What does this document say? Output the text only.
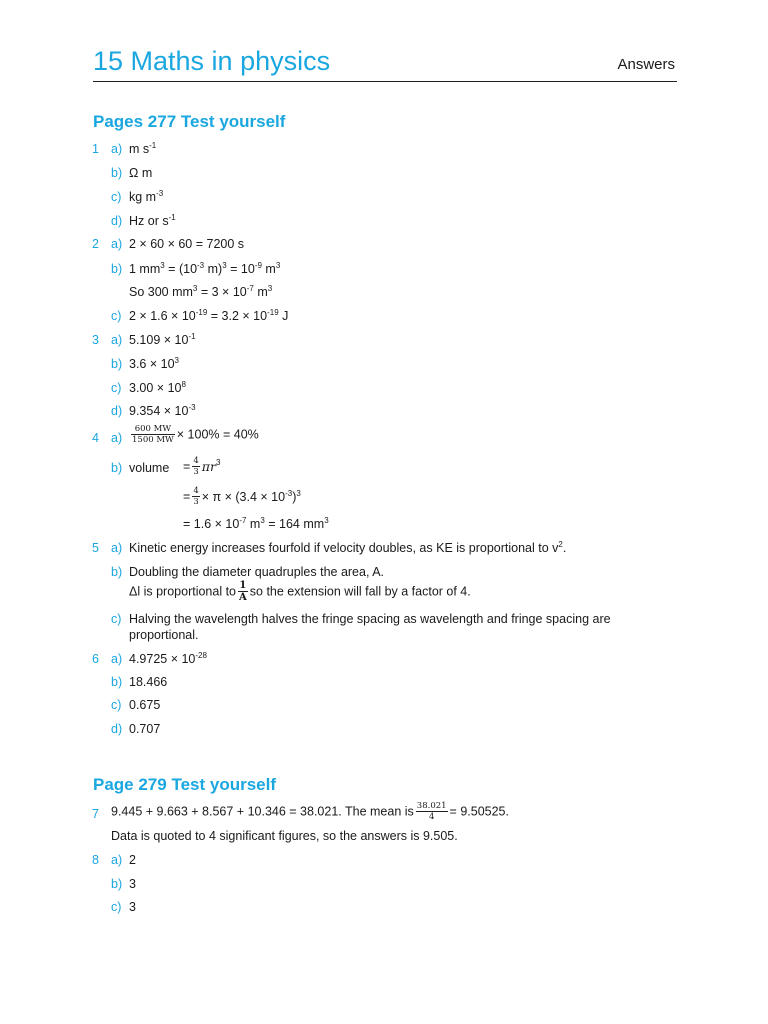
15 Maths in physics	Answers
Pages 277 Test yourself
1 a) m $s^{-1}$
b) Ω m
c) kg $m^{-3}$
d) Hz or $s^{-1}$
2 a) 2 × 60 × 60 = 7200 s
b) 1 $mm^3 = (10^{-3}$ $m)^3 = 10^{-9}$ $m^3$
So 300 $mm^3 = 3 \times 10^{-7}$ $m^3$
c) $2 \times 1.6 \times 10^{-19} = 3.2 \times 10^{-19}$ J
3 a) $5.109 \times 10^{-1}$
b) $3.6 \times 10^3$
c) $3.00 \times 10^8$
d) $9.354 \times 10^{-3}$
4 $a) \frac{600 MW}{1500 MW} \times 100\% = 40\%$
b) volume = $\frac{4}{3} \pi r^3$
= $\frac{4}{3} \times \pi \times (3.4 \times 10^{-3})^3$
= $1.6 \times 10^{-7}$ $m^3 = 164$ $mm^3$
5 a) Kinetic energy increases fourfold if velocity doubles, as KE is proportional to $v^2$.
b) Doubling the diameter quadruples the area, A.
Δl is proportional to $\frac{1}{A}$ so the extension will fall by a factor of 4.
c) Halving the wavelength halves the fringe spacing as wavelength and fringe spacing are
proportional.
6 a) $4.9725 \times 10^{-28}$
b) 18.466
c) 0.675
d) 0.707
Page 279 Test yourself
7 9.445 + 9.663 + 8.567 + 10.346 = 38.021. The mean is $\frac{38.021}{4} = 9.50525$.
Data is quoted to 4 significant figures, so the answers is 9.505.
8 a) 2
b) 3
c) 3
